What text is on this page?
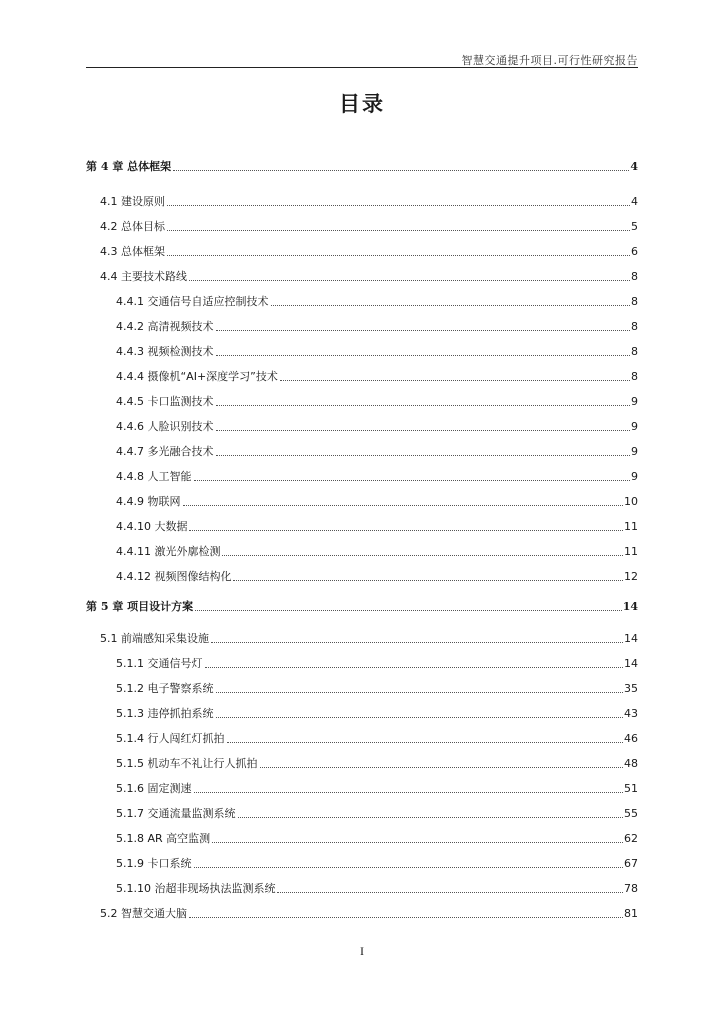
智慧交通提升项目.可行性研究报告
目录
第 4 章 总体框架	4
4.1 建设原则	4
4.2 总体目标	5
4.3 总体框架	6
4.4 主要技术路线	8
4.4.1 交通信号自适应控制技术	8
4.4.2 高清视频技术	8
4.4.3 视频检测技术	8
4.4.4 摄像机“AI+深度学习”技术	8
4.4.5 卡口监测技术	9
4.4.6 人脸识别技术	9
4.4.7 多光融合技术	9
4.4.8 人工智能	9
4.4.9 物联网	10
4.4.10 大数据	11
4.4.11 激光外廓检测	11
4.4.12 视频图像结构化	12
第 5 章 项目设计方案	14
5.1 前端感知采集设施	14
5.1.1 交通信号灯	14
5.1.2 电子警察系统	35
5.1.3 违停抓拍系统	43
5.1.4 行人闯红灯抓拍	46
5.1.5 机动车不礼让行人抓拍	48
5.1.6 固定测速	51
5.1.7 交通流量监测系统	55
5.1.8 AR 高空监测	62
5.1.9 卡口系统	67
5.1.10 治超非现场执法监测系统	78
5.2 智慧交通大脑	81
I
